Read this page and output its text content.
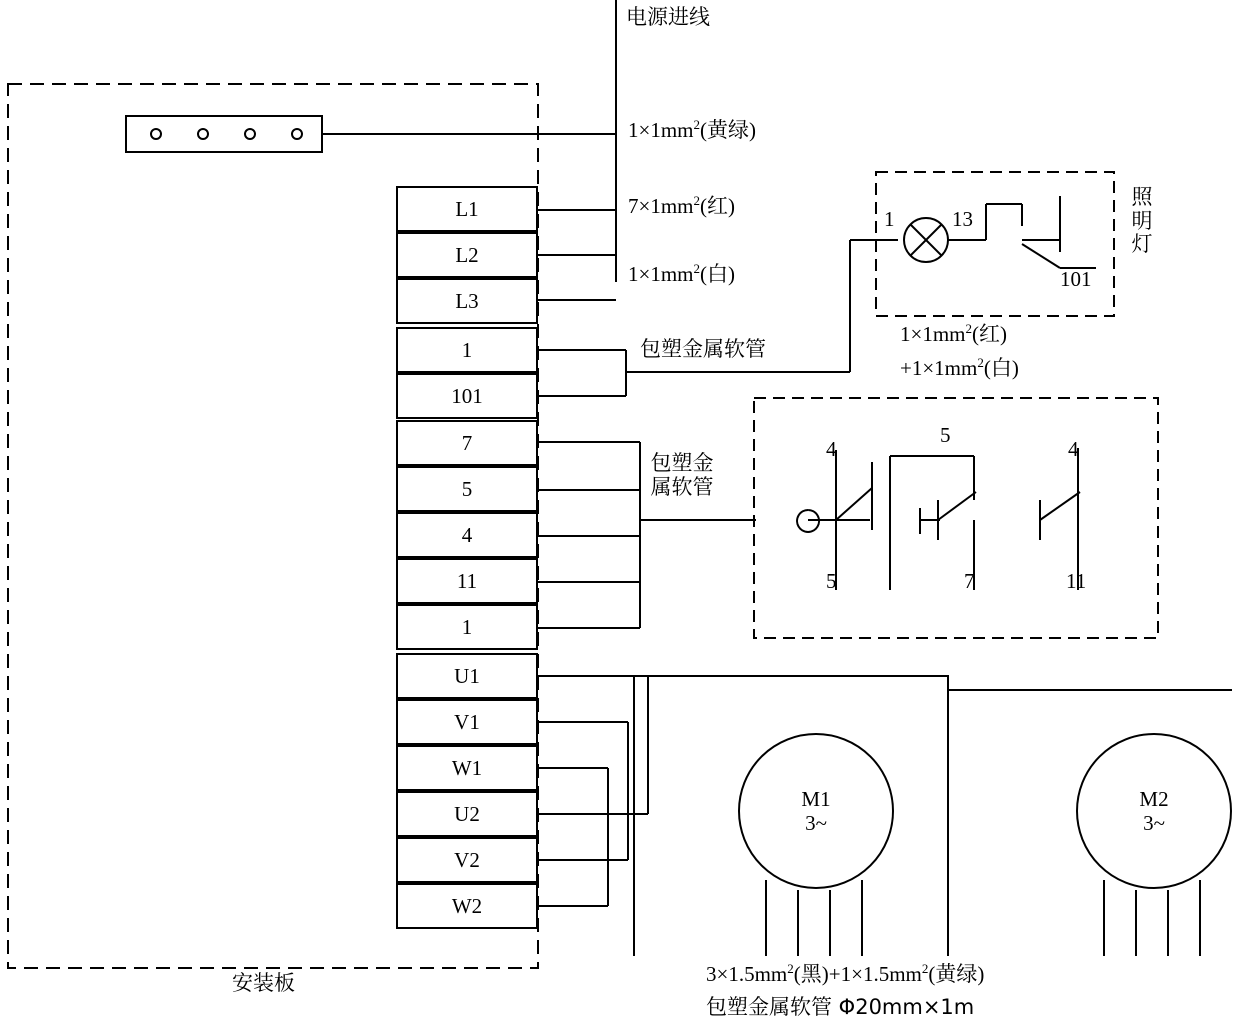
L1
L2
L3
1
101
7
5
4
11
1
U1
V1
W1
U2
V2
W2
M1
3~
M2
3~
电源进线
安装板
$1\times 1mm^2$(黄绿)
$7\times 1mm^2$(红)
$1\times 1mm^2$(白)
包塑金属软管
包塑金
属软管
$1\times 1mm^2$(红)
$+1\times 1mm^2$(白)
照
明
灯
1	13
101
4
5
4
5	7	11
$3\times 1.5mm^2$(黑)$+1\times 1.5mm^2$(黄绿)
包塑金属软管 Φ20mm×1m
